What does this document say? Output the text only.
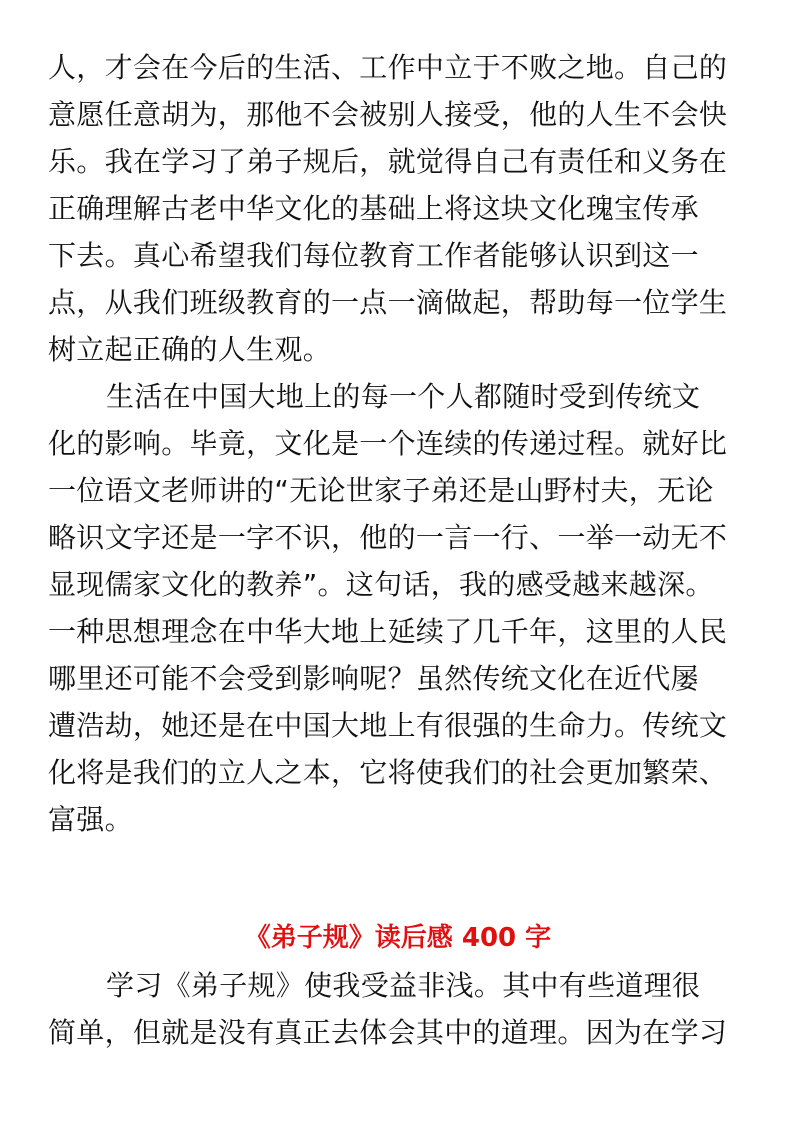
人，才会在今后的生活、工作中立于不败之地。自己的
意愿任意胡为，那他不会被别人接受，他的人生不会快
乐。我在学习了弟子规后，就觉得自己有责任和义务在
正确理解古老中华文化的基础上将这块文化瑰宝传承
下去。真心希望我们每位教育工作者能够认识到这一
点，从我们班级教育的一点一滴做起，帮助每一位学生
树立起正确的人生观。
生活在中国大地上的每一个人都随时受到传统文
化的影响。毕竟，文化是一个连续的传递过程。就好比
一位语文老师讲的“无论世家子弟还是山野村夫，无论
略识文字还是一字不识，他的一言一行、一举一动无不
显现儒家文化的教养”。这句话，我的感受越来越深。
一种思想理念在中华大地上延续了几千年，这里的人民
哪里还可能不会受到影响呢？虽然传统文化在近代屡
遭浩劫，她还是在中国大地上有很强的生命力。传统文
化将是我们的立人之本，它将使我们的社会更加繁荣、
富强。
《弟子规》读后感 400 字
学习《弟子规》使我受益非浅。其中有些道理很
简单，但就是没有真正去体会其中的道理。因为在学习
